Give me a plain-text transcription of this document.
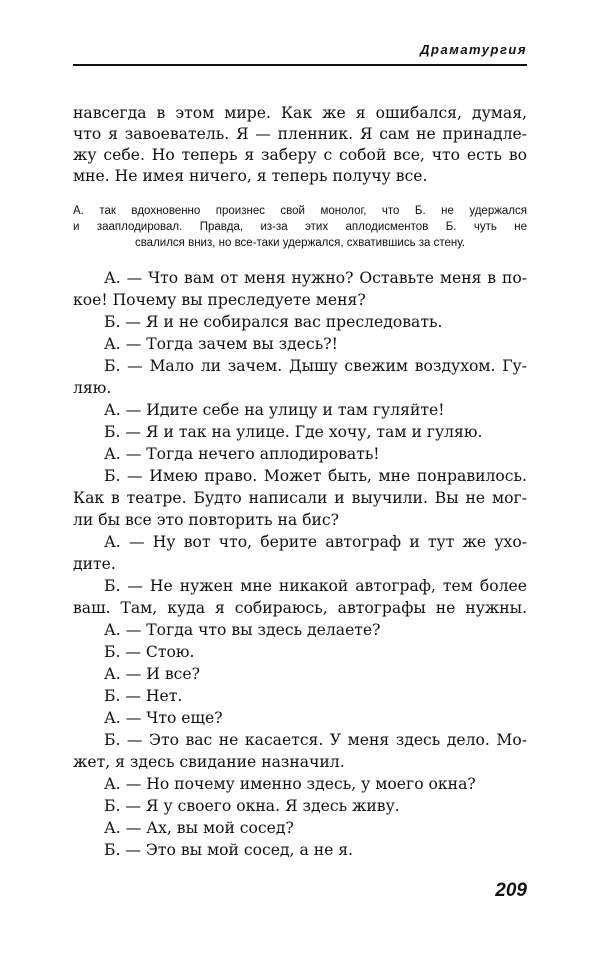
Драматургия
навсегда в этом мире. Как же я ошибался, думая,
что я завоеватель. Я — пленник. Я сам не принадле-
жу себе. Но теперь я заберу с собой все, что есть во
мне. Не имея ничего, я теперь получу все.
А. так вдохновенно произнес свой монолог, что Б. не удержался
и зааплодировал. Правда, из-за этих аплодисментов Б. чуть не
свалился вниз, но все-таки удержался, схватившись за стену.
А. — Что вам от меня нужно? Оставьте меня в по-
кое! Почему вы преследуете меня?
Б. — Я и не собирался вас преследовать.
А. — Тогда зачем вы здесь?!
Б. — Мало ли зачем. Дышу свежим воздухом. Гу-
ляю.
А. — Идите себе на улицу и там гуляйте!
Б. — Я и так на улице. Где хочу, там и гуляю.
А. — Тогда нечего аплодировать!
Б. — Имею право. Может быть, мне понравилось.
Как в театре. Будто написали и выучили. Вы не мог-
ли бы все это повторить на бис?
А. — Ну вот что, берите автограф и тут же ухо-
дите.
Б. — Не нужен мне никакой автограф, тем более
ваш. Там, куда я собираюсь, автографы не нужны.
А. — Тогда что вы здесь делаете?
Б. — Стою.
А. — И все?
Б. — Нет.
А. — Что еще?
Б. — Это вас не касается. У меня здесь дело. Мо-
жет, я здесь свидание назначил.
А. — Но почему именно здесь, у моего окна?
Б. — Я у своего окна. Я здесь живу.
А. — Ах, вы мой сосед?
Б. — Это вы мой сосед, а не я.
209
